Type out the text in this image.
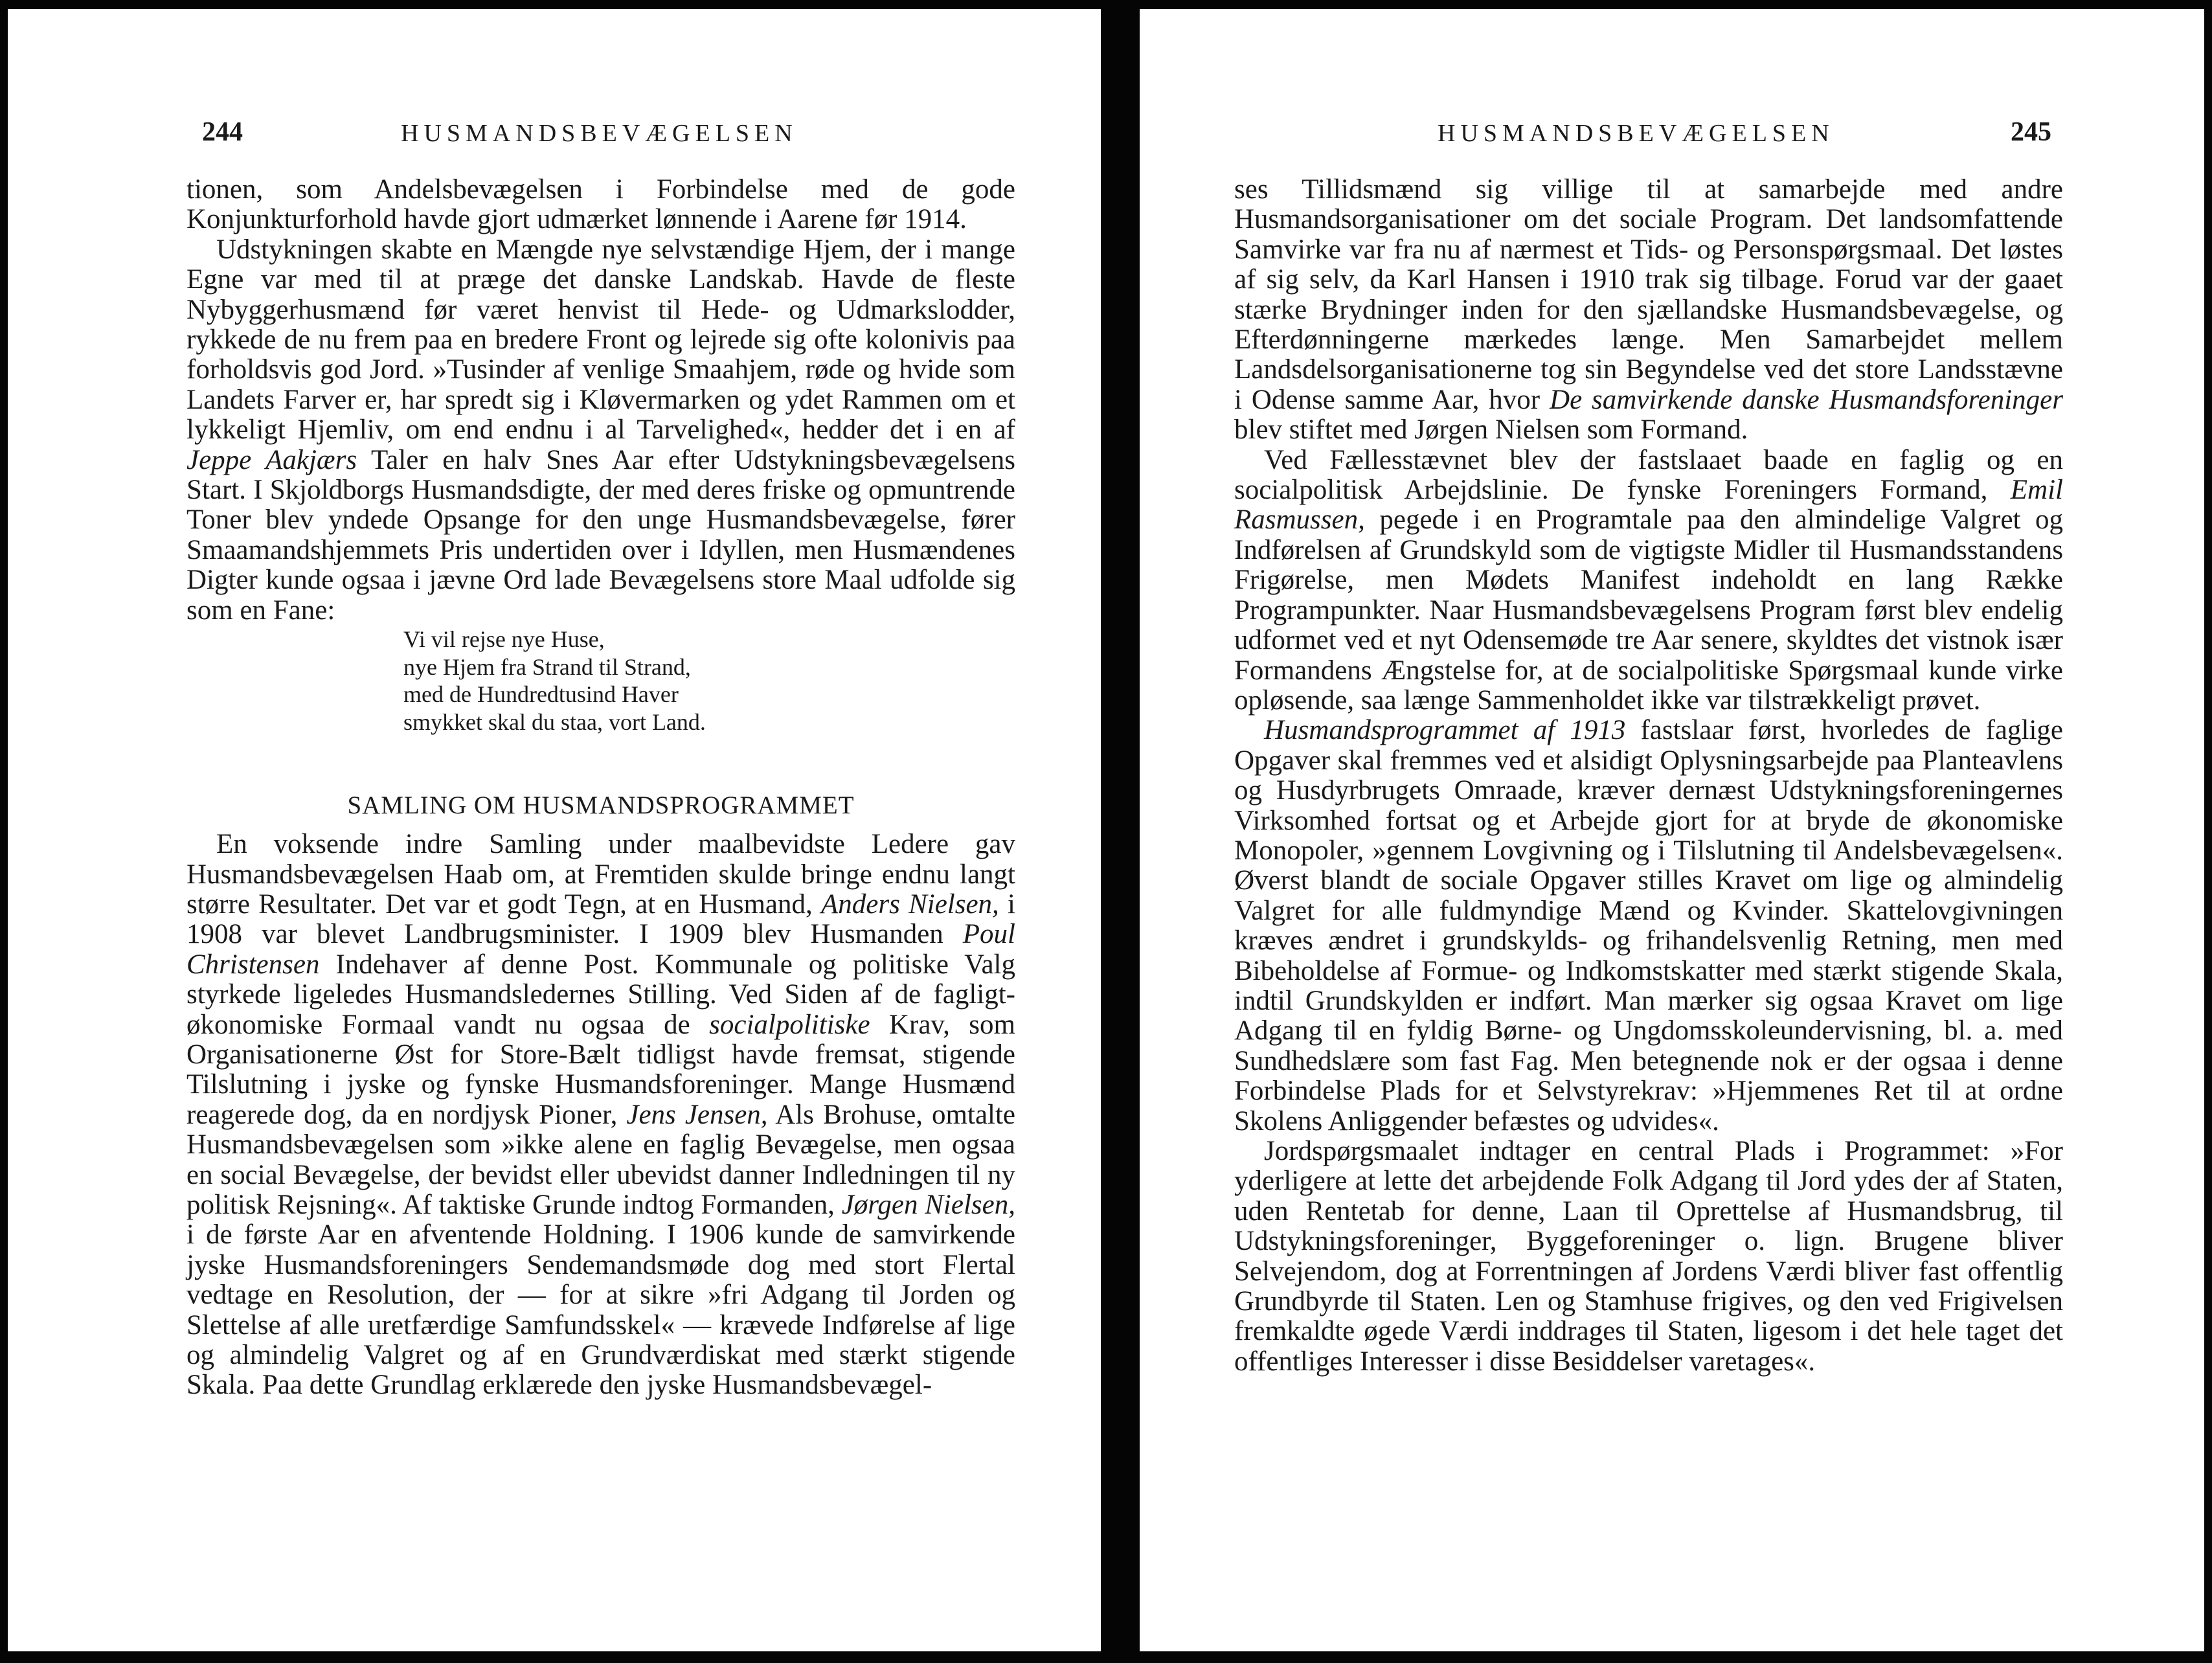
244	HUSMANDSBEVÆGELSEN

tionen, som Andelsbevægelsen i Forbindelse med de gode Konjunkturforhold havde gjort udmærket lønnende i Aarene før 1914.

Udstykningen skabte en Mængde nye selvstændige Hjem, der i mange Egne var med til at præge det danske Landskab. Havde de fleste Nybyggerhusmænd før været henvist til Hede- og Udmarkslodder, rykkede de nu frem paa en bredere Front og lejrede sig ofte kolonivis paa forholdsvis god Jord. »Tusinder af venlige Smaahjem, røde og hvide som Landets Farver er, har spredt sig i Kløvermarken og ydet Rammen om et lykkeligt Hjemliv, om end endnu i al Tarvelighed«, hedder det i en af Jeppe Aakjærs Taler en halv Snes Aar efter Udstykningsbevægelsens Start. I Skjoldborgs Husmandsdigte, der med deres friske og opmuntrende Toner blev yndede Opsange for den unge Husmandsbevægelse, fører Smaamandshjemmets Pris undertiden over i Idyllen, men Husmændenes Digter kunde ogsaa i jævne Ord lade Bevægelsens store Maal udfolde sig som en Fane:

Vi vil rejse nye Huse,
nye Hjem fra Strand til Strand,
med de Hundredtusind Haver
smykket skal du staa, vort Land.
SAMLING OM HUSMANDSPROGRAMMET

En voksende indre Samling under maalbevidste Ledere gav Husmandsbevægelsen Haab om, at Fremtiden skulde bringe endnu langt større Resultater. Det var et godt Tegn, at en Husmand, Anders Nielsen, i 1908 var blevet Landbrugsminister. I 1909 blev Husmanden Poul Christensen Indehaver af denne Post. Kommunale og politiske Valg styrkede ligeledes Husmandsledernes Stilling. Ved Siden af de fagligt-økonomiske Formaal vandt nu ogsaa de socialpolitiske Krav, som Organisationerne Øst for Store-Bælt tidligst havde fremsat, stigende Tilslutning i jyske og fynske Husmandsforeninger. Mange Husmænd reagerede dog, da en nordjysk Pioner, Jens Jensen, Als Brohuse, omtalte Husmandsbevægelsen som »ikke alene en faglig Bevægelse, men ogsaa en social Bevægelse, der bevidst eller ubevidst danner Indledningen til ny politisk Rejsning«. Af taktiske Grunde indtog Formanden, Jørgen Nielsen, i de første Aar en afventende Holdning. I 1906 kunde de samvirkende jyske Husmandsforeningers Sendemandsmøde dog med stort Flertal vedtage en Resolution, der — for at sikre »fri Adgang til Jorden og Slettelse af alle uretfærdige Samfundsskel« — krævede Indførelse af lige og almindelig Valgret og af en Grundværdiskat med stærkt stigende Skala. Paa dette Grundlag erklærede den jyske Husmandsbevægel-

HUSMANDSBEVÆGELSEN	245

ses Tillidsmænd sig villige til at samarbejde med andre Husmandsorganisationer om det sociale Program. Det landsomfattende Samvirke var fra nu af nærmest et Tids- og Personspørgsmaal. Det løstes af sig selv, da Karl Hansen i 1910 trak sig tilbage. Forud var der gaaet stærke Brydninger inden for den sjællandske Husmandsbevægelse, og Efterdønningerne mærkedes længe. Men Samarbejdet mellem Landsdelsorganisationerne tog sin Begyndelse ved det store Landsstævne i Odense samme Aar, hvor De samvirkende danske Husmandsforeninger blev stiftet med Jørgen Nielsen som Formand.

Ved Fællesstævnet blev der fastslaaet baade en faglig og en socialpolitisk Arbejdslinie. De fynske Foreningers Formand, Emil Rasmussen, pegede i en Programtale paa den almindelige Valgret og Indførelsen af Grundskyld som de vigtigste Midler til Husmandsstandens Frigørelse, men Mødets Manifest indeholdt en lang Række Programpunkter. Naar Husmandsbevægelsens Program først blev endelig udformet ved et nyt Odensemøde tre Aar senere, skyldtes det vistnok især Formandens Ængstelse for, at de socialpolitiske Spørgsmaal kunde virke opløsende, saa længe Sammenholdet ikke var tilstrækkeligt prøvet.

Husmandsprogrammet af 1913 fastslaar først, hvorledes de faglige Opgaver skal fremmes ved et alsidigt Oplysningsarbejde paa Planteavlens og Husdyrbrugets Omraade, kræver dernæst Udstykningsforeningernes Virksomhed fortsat og et Arbejde gjort for at bryde de økonomiske Monopoler, »gennem Lovgivning og i Tilslutning til Andelsbevægelsen«. Øverst blandt de sociale Opgaver stilles Kravet om lige og almindelig Valgret for alle fuldmyndige Mænd og Kvinder. Skattelovgivningen kræves ændret i grundskylds- og frihandelsvenlig Retning, men med Bibeholdelse af Formue- og Indkomstskatter med stærkt stigende Skala, indtil Grundskylden er indført. Man mærker sig ogsaa Kravet om lige Adgang til en fyldig Børne- og Ungdomsskoleundervisning, bl. a. med Sundhedslære som fast Fag. Men betegnende nok er der ogsaa i denne Forbindelse Plads for et Selvstyrekrav: »Hjemmenes Ret til at ordne Skolens Anliggender befæstes og udvides«.

Jordspørgsmaalet indtager en central Plads i Programmet: »For yderligere at lette det arbejdende Folk Adgang til Jord ydes der af Staten, uden Rentetab for denne, Laan til Oprettelse af Husmandsbrug, til Udstykningsforeninger, Byggeforeninger o. lign. Brugene bliver Selvejendom, dog at Forrentningen af Jordens Værdi bliver fast offentlig Grundbyrde til Staten. Len og Stamhuse frigives, og den ved Frigivelsen fremkaldte øgede Værdi inddrages til Staten, ligesom i det hele taget det offentliges Interesser i disse Besiddelser varetages«.
